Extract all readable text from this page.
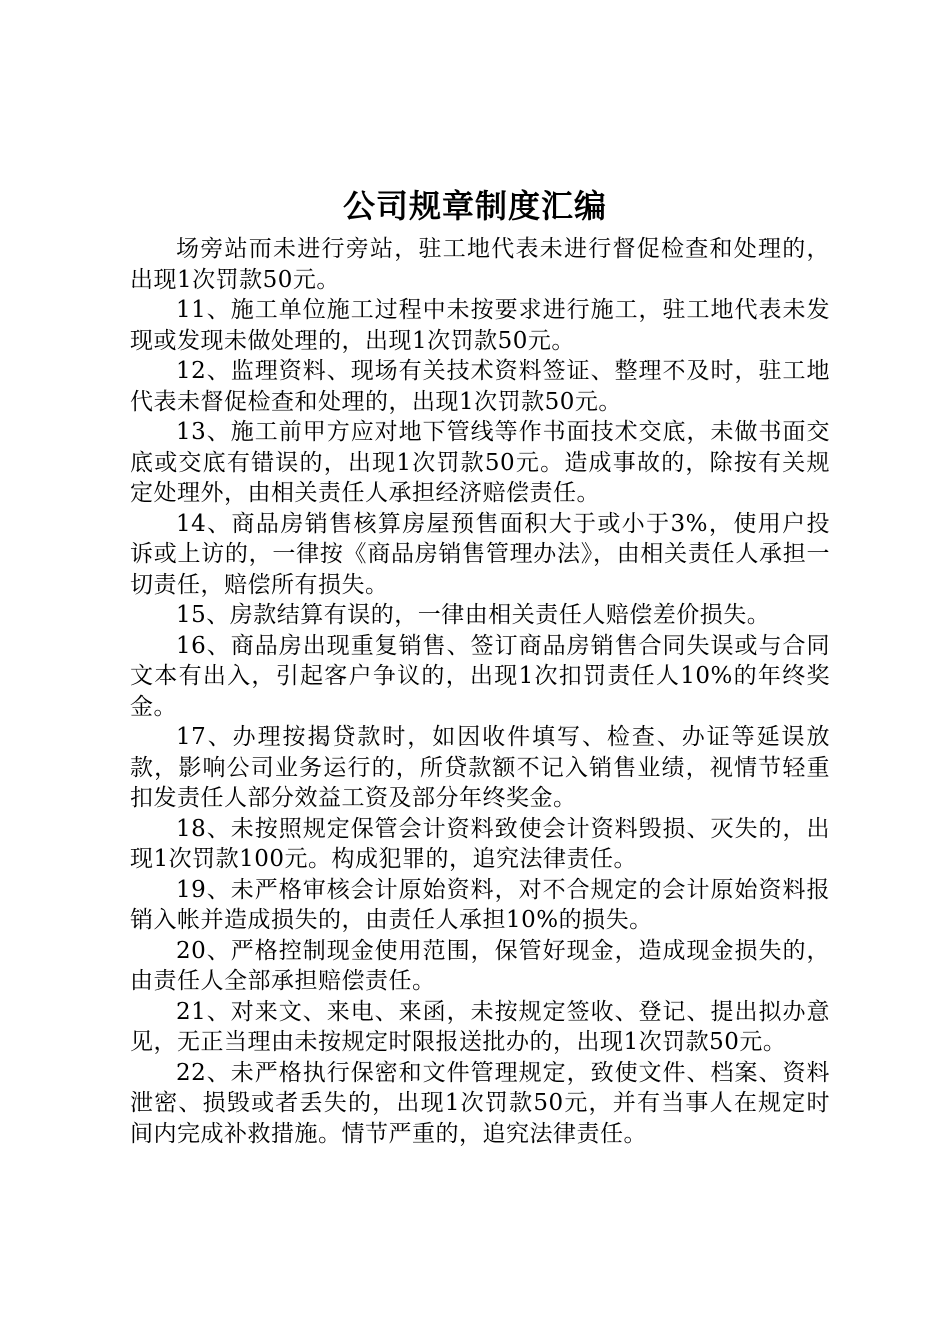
公司规章制度汇编

场旁站而未进行旁站，驻工地代表未进行督促检查和处理的，出现1次罚款50元。

11、施工单位施工过程中未按要求进行施工，驻工地代表未发现或发现未做处理的，出现1次罚款50元。

12、监理资料、现场有关技术资料签证、整理不及时，驻工地代表未督促检查和处理的，出现1次罚款50元。

13、施工前甲方应对地下管线等作书面技术交底，未做书面交底或交底有错误的，出现1次罚款50元。造成事故的，除按有关规定处理外，由相关责任人承担经济赔偿责任。

14、商品房销售核算房屋预售面积大于或小于3%，使用户投诉或上访的，一律按《商品房销售管理办法》，由相关责任人承担一切责任，赔偿所有损失。

15、房款结算有误的，一律由相关责任人赔偿差价损失。

16、商品房出现重复销售、签订商品房销售合同失误或与合同文本有出入，引起客户争议的，出现1次扣罚责任人10%的年终奖金。

17、办理按揭贷款时，如因收件填写、检查、办证等延误放款，影响公司业务运行的，所贷款额不记入销售业绩，视情节轻重扣发责任人部分效益工资及部分年终奖金。

18、未按照规定保管会计资料致使会计资料毁损、灭失的，出现1次罚款100元。构成犯罪的，追究法律责任。

19、未严格审核会计原始资料，对不合规定的会计原始资料报销入帐并造成损失的，由责任人承担10%的损失。

20、严格控制现金使用范围，保管好现金，造成现金损失的，由责任人全部承担赔偿责任。

21、对来文、来电、来函，未按规定签收、登记、提出拟办意见，无正当理由未按规定时限报送批办的，出现1次罚款50元。

22、未严格执行保密和文件管理规定，致使文件、档案、资料泄密、损毁或者丢失的，出现1次罚款50元，并有当事人在规定时间内完成补救措施。情节严重的，追究法律责任。
